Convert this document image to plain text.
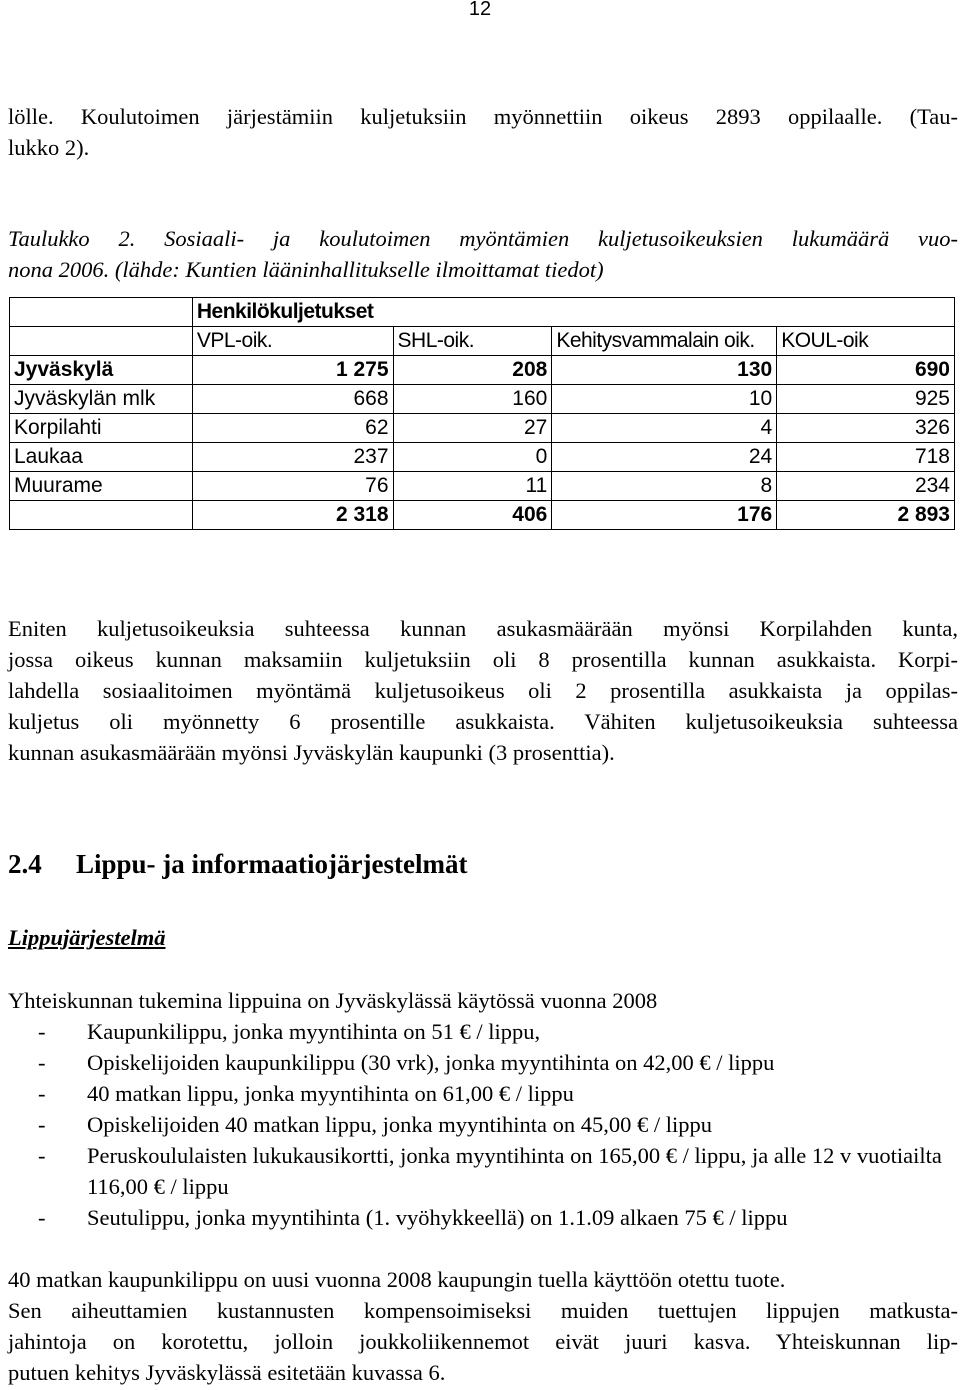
12
lölle. Koulutoimen järjestämiin kuljetuksiin myönnettiin oikeus 2893 oppilaalle. (Tau-
lukko 2).
Taulukko 2. Sosiaali- ja koulutoimen myöntämien kuljetusoikeuksien lukumäärä vuo-
nona 2006. (lähde: Kuntien lääninhallitukselle ilmoittamat tiedot)
	Henkilökuljetukset			
	VPL-oik.	SHL-oik.	Kehitysvammalain oik.	KOUL-oik
Jyväskylä	1 275	208	130	690
Jyväskylän mlk	668	160	10	925
Korpilahti	62	27	4	326
Laukaa	237	0	24	718
Muurame	76	11	8	234
	2 318	406	176	2 893
Eniten kuljetusoikeuksia suhteessa kunnan asukasmäärään myönsi Korpilahden kunta,
jossa oikeus kunnan maksamiin kuljetuksiin oli 8 prosentilla kunnan asukkaista. Korpi-
lahdella sosiaalitoimen myöntämä kuljetusoikeus oli 2 prosentilla asukkaista ja oppilas-
kuljetus oli myönnetty 6 prosentille asukkaista. Vähiten kuljetusoikeuksia suhteessa
kunnan asukasmäärään myönsi Jyväskylän kaupunki (3 prosenttia).
2.4 Lippu- ja informaatiojärjestelmät
Lippujärjestelmä
Yhteiskunnan tukemina lippuina on Jyväskylässä käytössä vuonna 2008
- Kaupunkilippu, jonka myyntihinta on 51 € / lippu,
- Opiskelijoiden kaupunkilippu (30 vrk), jonka myyntihinta on 42,00 € / lippu
- 40 matkan lippu, jonka myyntihinta on 61,00 € / lippu
- Opiskelijoiden 40 matkan lippu, jonka myyntihinta on 45,00 € / lippu
- Peruskoululaisten lukukausikortti, jonka myyntihinta on 165,00 € / lippu, ja alle 12 v vuotiailta 116,00 € / lippu
- Seutulippu, jonka myyntihinta (1. vyöhykkeellä) on 1.1.09 alkaen 75 € / lippu
40 matkan kaupunkilippu on uusi vuonna 2008 kaupungin tuella käyttöön otettu tuote.
Sen aiheuttamien kustannusten kompensoimiseksi muiden tuettujen lippujen matkusta-
jahintoja on korotettu, jolloin joukkoliikennemot eivät juuri kasva. Yhteiskunnan lip-
putuen kehitys Jyväskylässä esitetään kuvassa 6.
